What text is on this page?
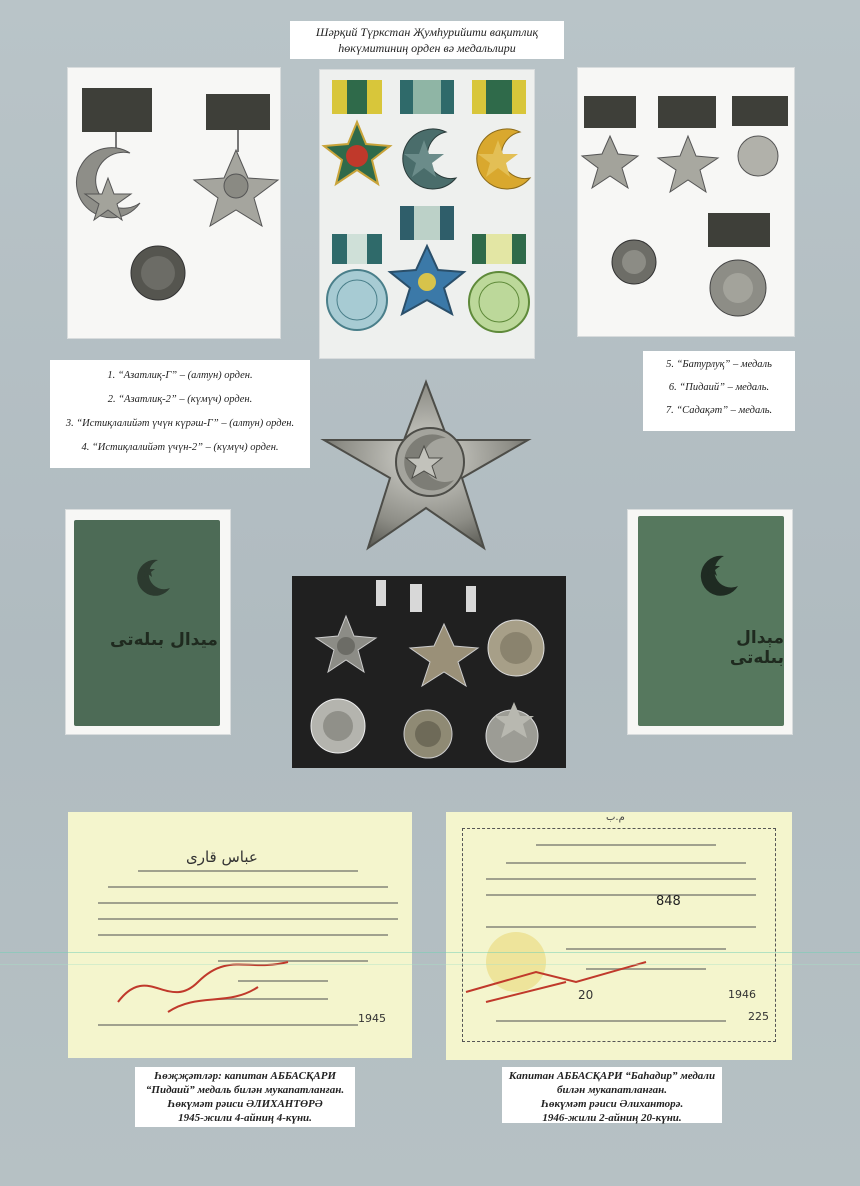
Шәрқий Түркстан Җумһурийити вақитлиқ
һөкүмитиниң орден вә медальлири
1. “Азатлиқ-Г” – (алтун) орден.
2. “Азатлиқ-2” – (күмүч) орден.
3. “Истиқлалийәт үчүн күрәш-Г” – (алтун) орден.
4. “Истиқлалийәт үчүн-2” – (күмүч) орден.
5. “Батурлуқ” – медаль
6. “Пидаий” – медаль.
7. “Садақәт” – медаль.
ميدال بىلەتى	مېدال بىلەتى
عباس قارى
1945
م.ب
848
1946
20
225
Һөҗҗәтләр: капитан АББАСҚАРИ
“Пидаий” медаль билән мукапатланған.
Һөкүмәт рәиси ӘЛИХАНТӨРӘ
1945-жили 4-айниң 4-күни.
Капитан АББАСҚАРИ “Баһадир” медали
билән мукапатланған.
Һөкүмәт рәиси Әлиханторә.
1946-жили 2-айниң 20-күни.
